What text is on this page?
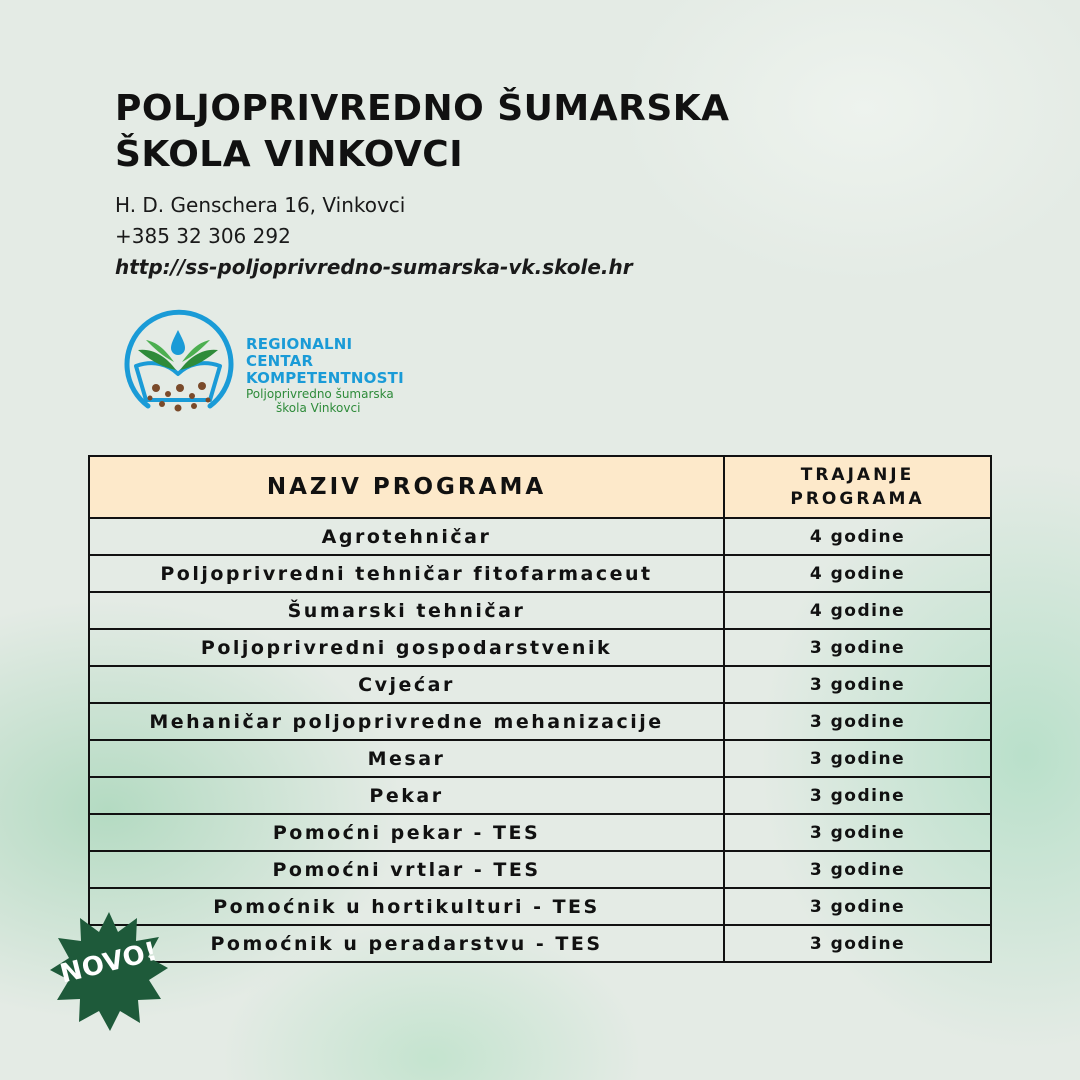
POLJOPRIVREDNO ŠUMARSKA
ŠKOLA VINKOVCI
H. D. Genschera 16, Vinkovci
+385 32 306 292
http://ss-poljoprivredno-sumarska-vk.skole.hr
REGIONALNI CENTAR
KOMPETENTNOSTI
Poljoprivredno šumarska
škola Vinkovci
NAZIV PROGRAMA	TRAJANJE
PROGRAMA
Agrotehničar	4 godine
Poljoprivredni tehničar fitofarmaceut	4 godine
Šumarski tehničar	4 godine
Poljoprivredni gospodarstvenik	3 godine
Cvjećar	3 godine
Mehaničar poljoprivredne mehanizacije	3 godine
Mesar	3 godine
Pekar	3 godine
Pomoćni pekar - TES	3 godine
Pomoćni vrtlar - TES	3 godine
Pomoćnik u hortikulturi - TES	3 godine
Pomoćnik u peradarstvu - TES	3 godine
NOVO!
